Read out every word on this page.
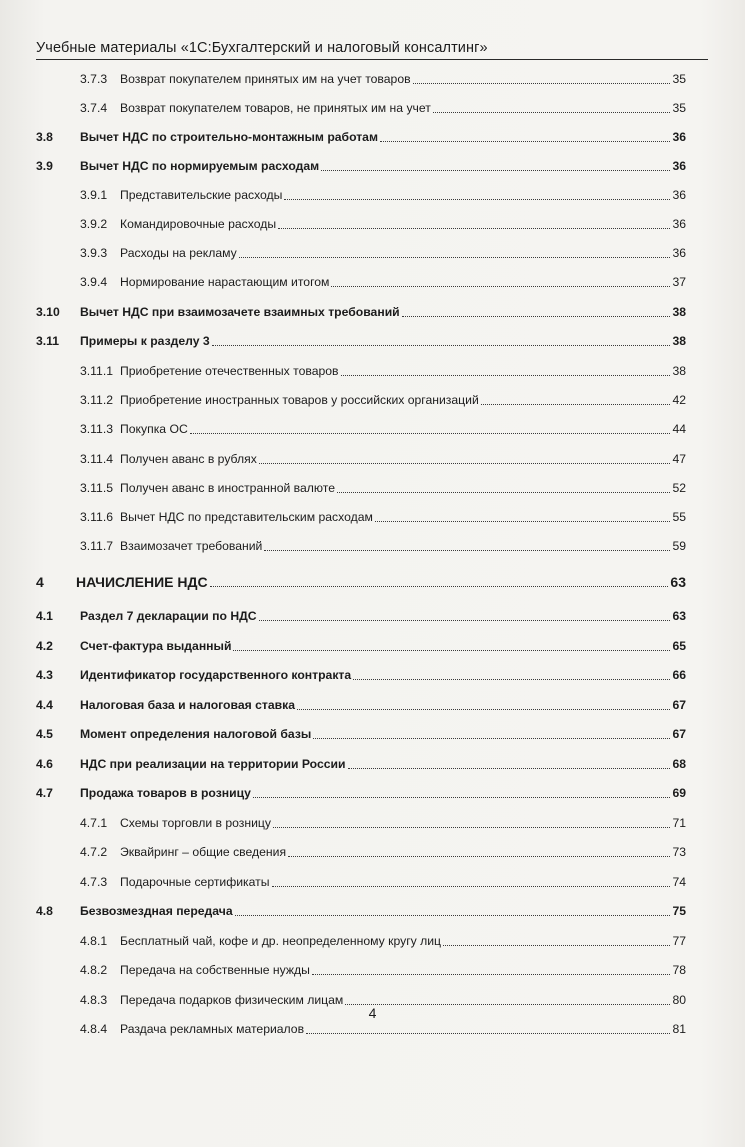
Учебные материалы «1С:Бухгалтерский и налоговый консалтинг»
3.7.3 Возврат покупателем принятых им на учет товаров	35
3.7.4 Возврат покупателем товаров, не принятых им на учет	35
3.8 Вычет НДС по строительно-монтажным работам	36
3.9 Вычет НДС по нормируемым расходам	36
3.9.1 Представительские расходы	36
3.9.2 Командировочные расходы	36
3.9.3 Расходы на рекламу	36
3.9.4 Нормирование нарастающим итогом	37
3.10 Вычет НДС при взаимозачете взаимных требований	38
3.11 Примеры к разделу 3	38
3.11.1 Приобретение отечественных товаров	38
3.11.2 Приобретение иностранных товаров у российских организаций	42
3.11.3 Покупка ОС	44
3.11.4 Получен аванс в рублях	47
3.11.5 Получен аванс в иностранной валюте	52
3.11.6 Вычет НДС по представительским расходам	55
3.11.7 Взаимозачет требований	59
4 НАЧИСЛЕНИЕ НДС	63
4.1 Раздел 7 декларации по НДС	63
4.2 Счет-фактура выданный	65
4.3 Идентификатор государственного контракта	66
4.4 Налоговая база и налоговая ставка	67
4.5 Момент определения налоговой базы	67
4.6 НДС при реализации на территории России	68
4.7 Продажа товаров в розницу	69
4.7.1 Схемы торговли в розницу	71
4.7.2 Эквайринг – общие сведения	73
4.7.3 Подарочные сертификаты	74
4.8 Безвозмездная передача	75
4.8.1 Бесплатный чай, кофе и др. неопределенному кругу лиц	77
4.8.2 Передача на собственные нужды	78
4.8.3 Передача подарков физическим лицам	80
4.8.4 Раздача рекламных материалов	81
4
